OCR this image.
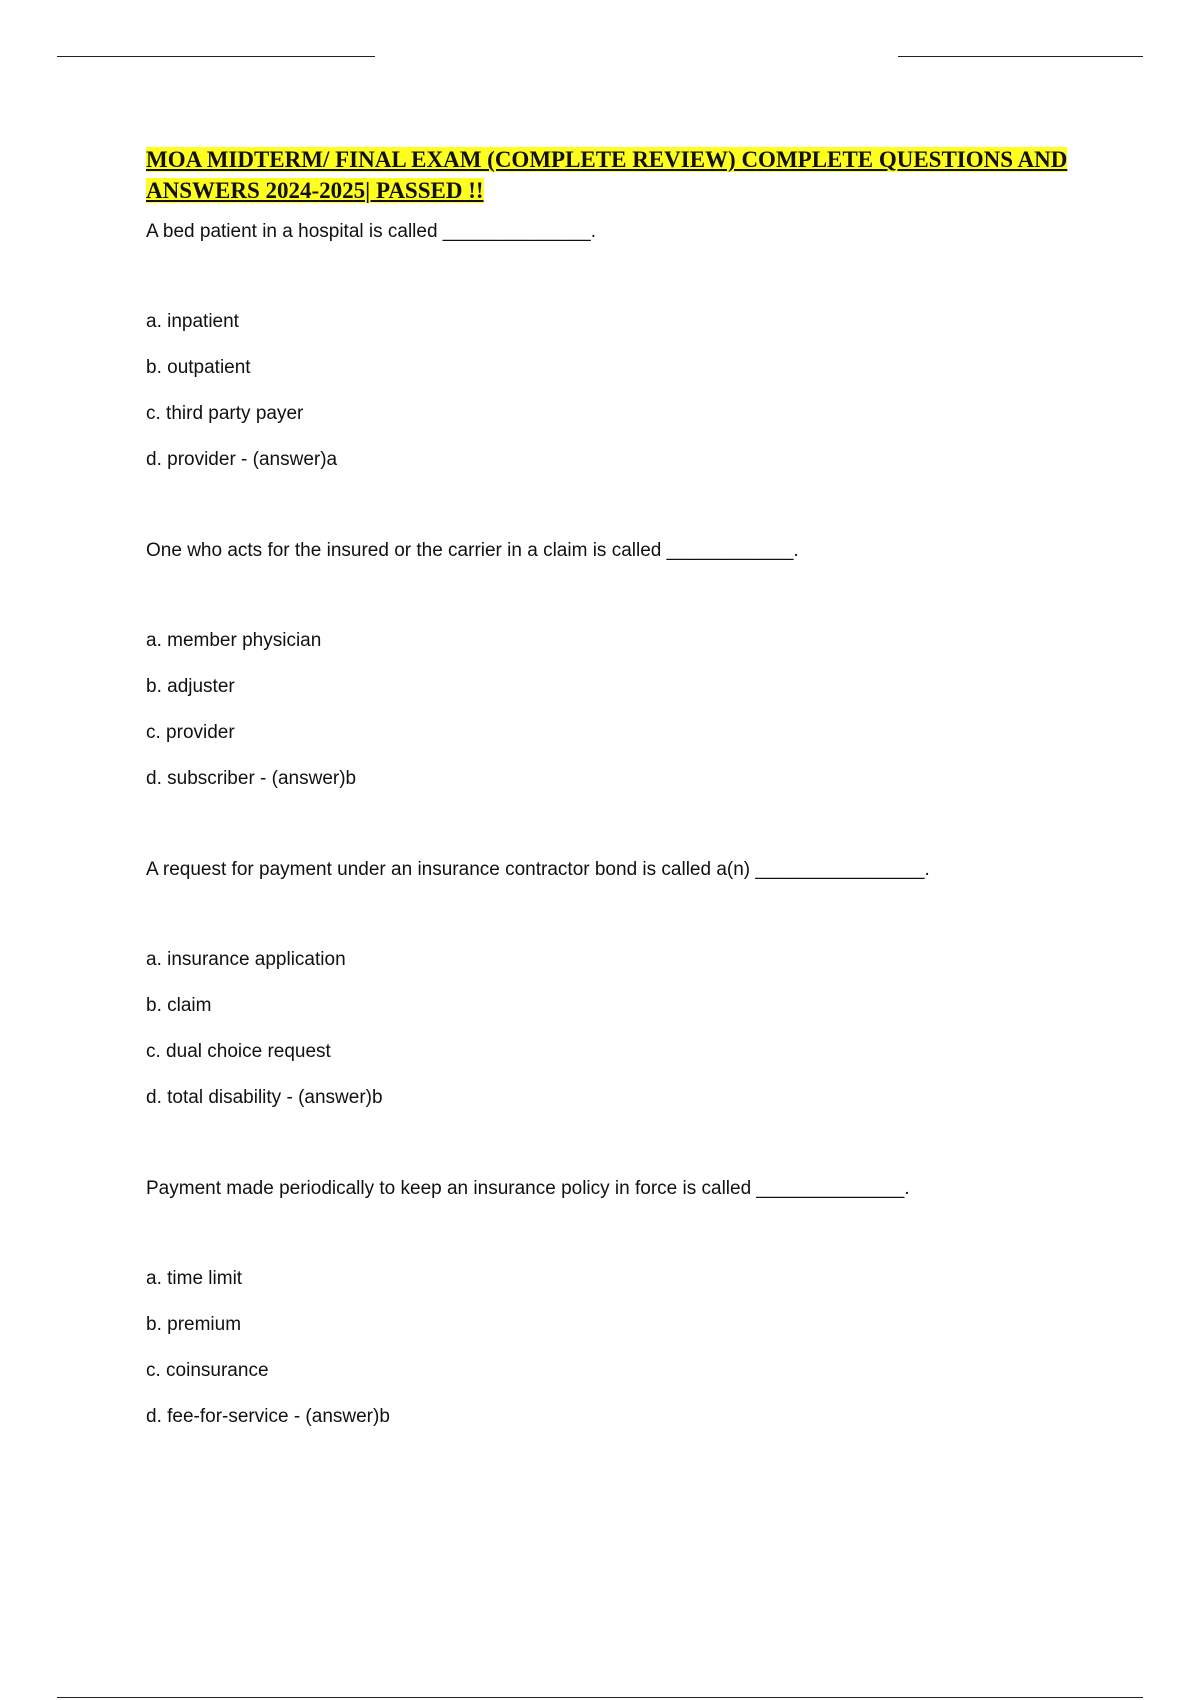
MOA MIDTERM/ FINAL EXAM (COMPLETE REVIEW) COMPLETE QUESTIONS AND ANSWERS 2024-2025| PASSED !!

A bed patient in a hospital is called ______________.

a. inpatient
b. outpatient
c. third party payer
d. provider - (answer)a

One who acts for the insured or the carrier in a claim is called ____________.

a. member physician
b. adjuster
c. provider
d. subscriber - (answer)b

A request for payment under an insurance contractor bond is called a(n) ________________.

a. insurance application
b. claim
c. dual choice request
d. total disability - (answer)b

Payment made periodically to keep an insurance policy in force is called ______________.

a. time limit
b. premium
c. coinsurance
d. fee-for-service - (answer)b
